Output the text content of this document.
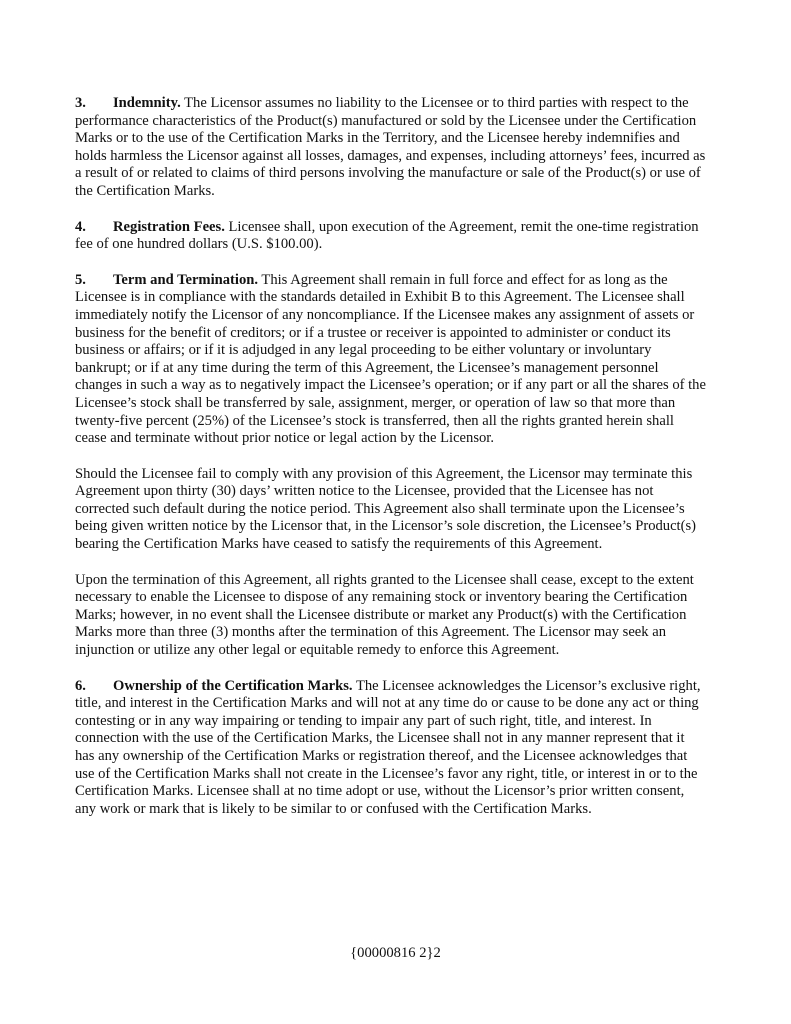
3. Indemnity. The Licensor assumes no liability to the Licensee or to third parties with respect to the performance characteristics of the Product(s) manufactured or sold by the Licensee under the Certification Marks or to the use of the Certification Marks in the Territory, and the Licensee hereby indemnifies and holds harmless the Licensor against all losses, damages, and expenses, including attorneys’ fees, incurred as a result of or related to claims of third persons involving the manufacture or sale of the Product(s) or use of the Certification Marks.

4. Registration Fees. Licensee shall, upon execution of the Agreement, remit the one-time registration fee of one hundred dollars (U.S. $100.00).

5. Term and Termination. This Agreement shall remain in full force and effect for as long as the Licensee is in compliance with the standards detailed in Exhibit B to this Agreement. The Licensee shall immediately notify the Licensor of any noncompliance. If the Licensee makes any assignment of assets or business for the benefit of creditors; or if a trustee or receiver is appointed to administer or conduct its business or affairs; or if it is adjudged in any legal proceeding to be either voluntary or involuntary bankrupt; or if at any time during the term of this Agreement, the Licensee’s management personnel changes in such a way as to negatively impact the Licensee’s operation; or if any part or all the shares of the Licensee’s stock shall be transferred by sale, assignment, merger, or operation of law so that more than twenty-five percent (25%) of the Licensee’s stock is transferred, then all the rights granted herein shall cease and terminate without prior notice or legal action by the Licensor.

Should the Licensee fail to comply with any provision of this Agreement, the Licensor may terminate this Agreement upon thirty (30) days’ written notice to the Licensee, provided that the Licensee has not corrected such default during the notice period. This Agreement also shall terminate upon the Licensee’s being given written notice by the Licensor that, in the Licensor’s sole discretion, the Licensee’s Product(s) bearing the Certification Marks have ceased to satisfy the requirements of this Agreement.

Upon the termination of this Agreement, all rights granted to the Licensee shall cease, except to the extent necessary to enable the Licensee to dispose of any remaining stock or inventory bearing the Certification Marks; however, in no event shall the Licensee distribute or market any Product(s) with the Certification Marks more than three (3) months after the termination of this Agreement. The Licensor may seek an injunction or utilize any other legal or equitable remedy to enforce this Agreement.

6. Ownership of the Certification Marks. The Licensee acknowledges the Licensor’s exclusive right, title, and interest in the Certification Marks and will not at any time do or cause to be done any act or thing contesting or in any way impairing or tending to impair any part of such right, title, and interest. In connection with the use of the Certification Marks, the Licensee shall not in any manner represent that it has any ownership of the Certification Marks or registration thereof, and the Licensee acknowledges that use of the Certification Marks shall not create in the Licensee’s favor any right, title, or interest in or to the Certification Marks. Licensee shall at no time adopt or use, without the Licensor’s prior written consent, any work or mark that is likely to be similar to or confused with the Certification Marks.

{00000816 2}2
